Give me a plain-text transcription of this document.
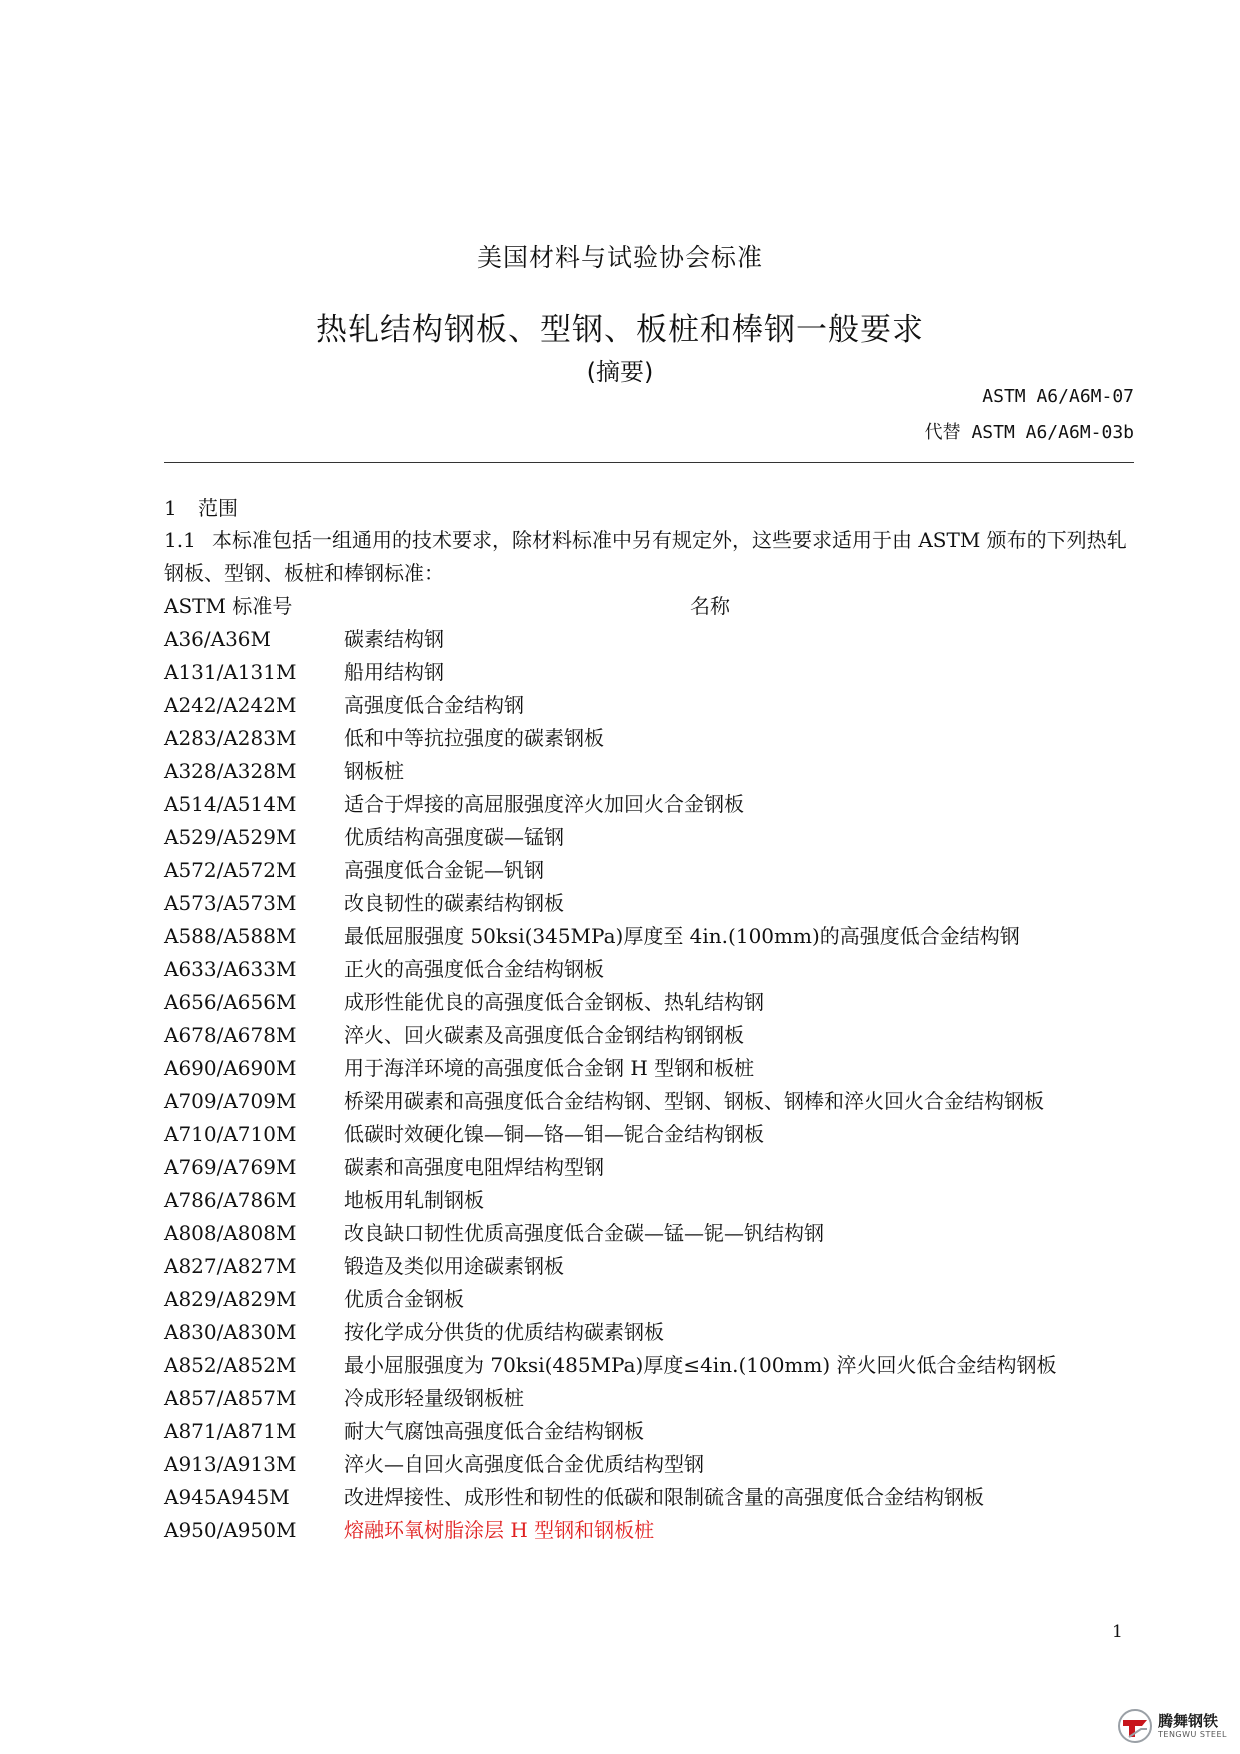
美国材料与试验协会标准
热轧结构钢板、型钢、板桩和棒钢一般要求
(摘要)
ASTM A6/A6M-07
代替 ASTM A6/A6M-03b
1 范围
1.1 本标准包括一组通用的技术要求，除材料标准中另有规定外，这些要求适用于由 ASTM 颁布的下列热轧钢板、型钢、板桩和棒钢标准：
ASTM 标准号	名称
A36/A36M	碳素结构钢
A131/A131M	船用结构钢
A242/A242M	高强度低合金结构钢
A283/A283M	低和中等抗拉强度的碳素钢板
A328/A328M	钢板桩
A514/A514M	适合于焊接的高屈服强度淬火加回火合金钢板
A529/A529M	优质结构高强度碳—锰钢
A572/A572M	高强度低合金铌—钒钢
A573/A573M	改良韧性的碳素结构钢板
A588/A588M	最低屈服强度 50ksi(345MPa)厚度至 4in.(100mm)的高强度低合金结构钢
A633/A633M	正火的高强度低合金结构钢板
A656/A656M	成形性能优良的高强度低合金钢板、热轧结构钢
A678/A678M	淬火、回火碳素及高强度低合金钢结构钢钢板
A690/A690M	用于海洋环境的高强度低合金钢 H 型钢和板桩
A709/A709M	桥梁用碳素和高强度低合金结构钢、型钢、钢板、钢棒和淬火回火合金结构钢板
A710/A710M	低碳时效硬化镍—铜—铬—钼—铌合金结构钢板
A769/A769M	碳素和高强度电阻焊结构型钢
A786/A786M	地板用轧制钢板
A808/A808M	改良缺口韧性优质高强度低合金碳—锰—铌—钒结构钢
A827/A827M	锻造及类似用途碳素钢板
A829/A829M	优质合金钢板
A830/A830M	按化学成分供货的优质结构碳素钢板
A852/A852M	最小屈服强度为 70ksi(485MPa)厚度≤4in.(100mm) 淬火回火低合金结构钢板
A857/A857M	冷成形轻量级钢板桩
A871/A871M	耐大气腐蚀高强度低合金结构钢板
A913/A913M	淬火—自回火高强度低合金优质结构型钢
A945A945M	改进焊接性、成形性和韧性的低碳和限制硫含量的高强度低合金结构钢板
A950/A950M	熔融环氧树脂涂层 H 型钢和钢板桩
1
腾舞钢铁
TENGWU STEEL
